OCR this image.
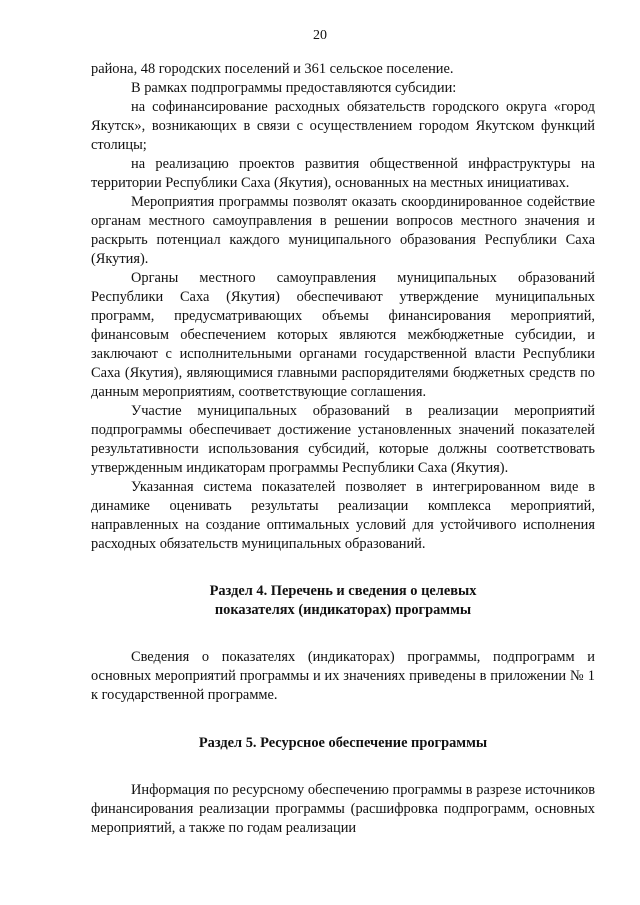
20

района, 48 городских поселений и 361 сельское поселение.

В рамках подпрограммы предоставляются субсидии:

на софинансирование расходных обязательств городского округа «город Якутск», возникающих в связи с осуществлением городом Якутском функций столицы;

на реализацию проектов развития общественной инфраструктуры на территории Республики Саха (Якутия), основанных на местных инициативах.

Мероприятия программы позволят оказать скоординированное содействие органам местного самоуправления в решении вопросов местного значения и раскрыть потенциал каждого муниципального образования Республики Саха (Якутия).

Органы местного самоуправления муниципальных образований Республики Саха (Якутия) обеспечивают утверждение муниципальных программ, предусматривающих объемы финансирования мероприятий, финансовым обеспечением которых являются межбюджетные субсидии, и заключают с исполнительными органами государственной власти Республики Саха (Якутия), являющимися главными распорядителями бюджетных средств по данным мероприятиям, соответствующие соглашения.

Участие муниципальных образований в реализации мероприятий подпрограммы обеспечивает достижение установленных значений показателей результативности использования субсидий, которые должны соответствовать утвержденным индикаторам программы Республики Саха (Якутия).

Указанная система показателей позволяет в интегрированном виде в динамике оценивать результаты реализации комплекса мероприятий, направленных на создание оптимальных условий для устойчивого исполнения расходных обязательств муниципальных образований.

Раздел 4. Перечень и сведения о целевых
показателях (индикаторах) программы

Сведения о показателях (индикаторах) программы, подпрограмм и основных мероприятий программы и их значениях приведены в приложении № 1 к государственной программе.

Раздел 5. Ресурсное обеспечение программы

Информация по ресурсному обеспечению программы в разрезе источников финансирования реализации программы (расшифровка подпрограмм, основных мероприятий, а также по годам реализации
